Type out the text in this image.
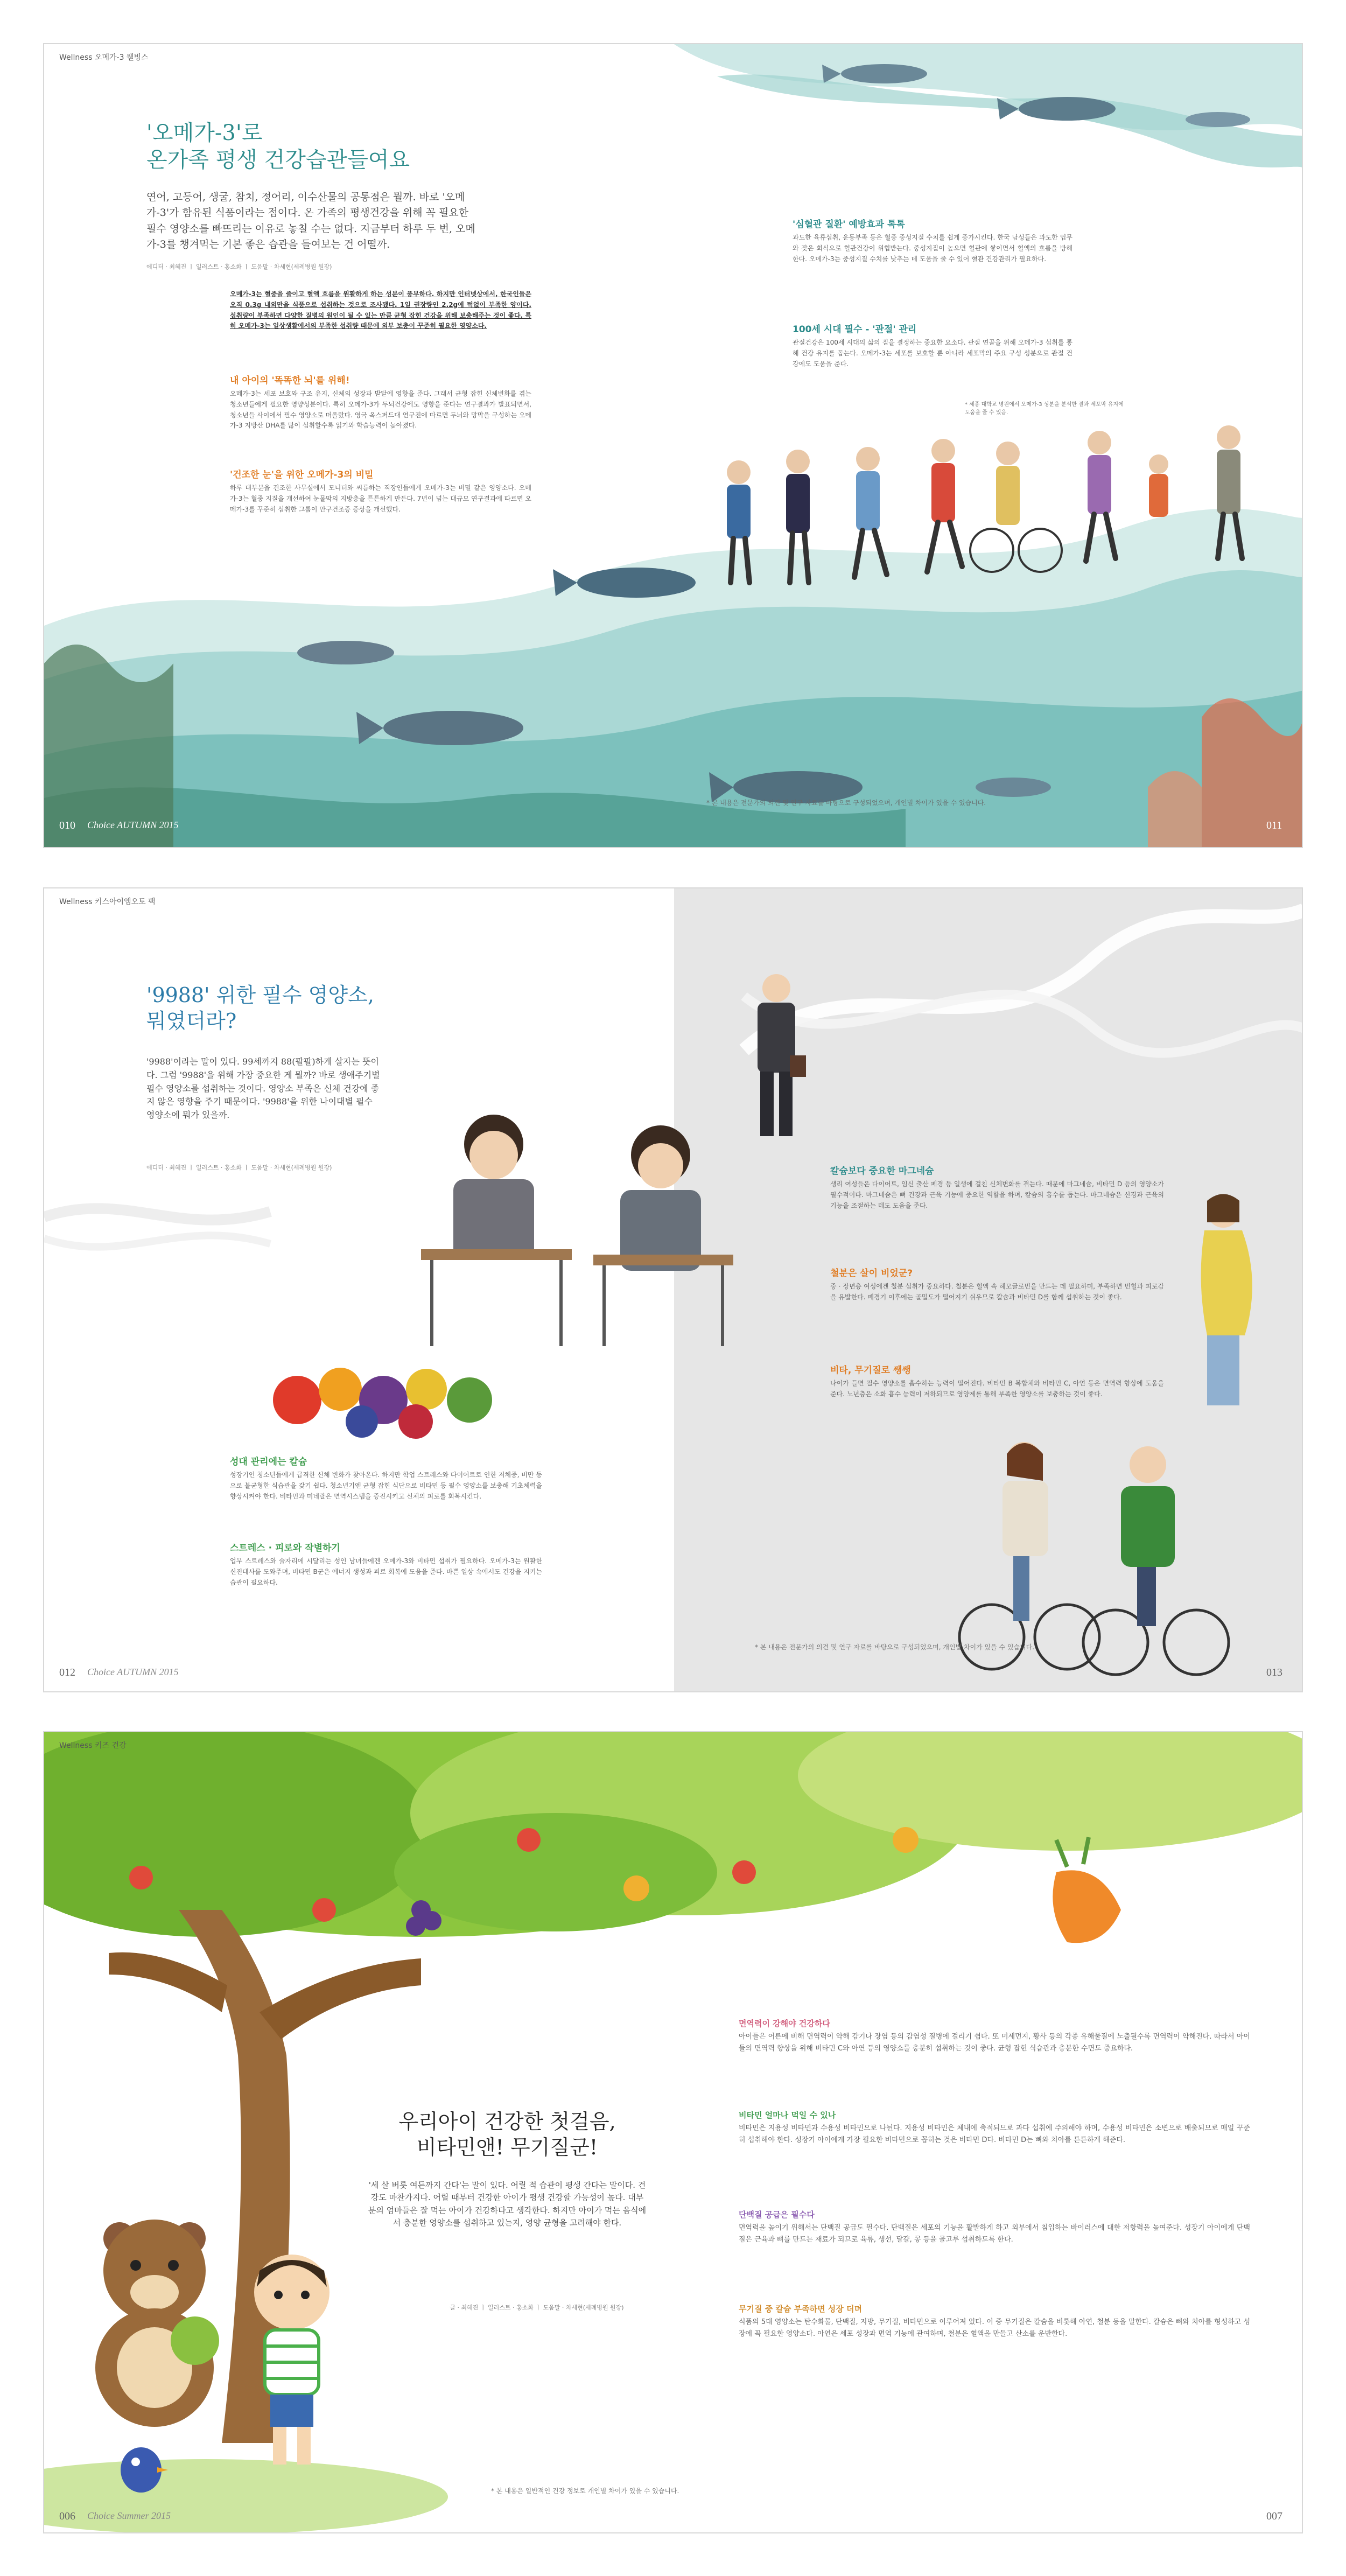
Wellness 오메가-3 웰빙스
'오메가-3'로
온가족 평생 건강습관들여요
연어, 고등어, 생굴, 참치, 정어리, 이수산물의 공통점은 뭘까. 바로 '오메가-3'가 함유된 식품이라는 점이다. 온 가족의 평생건강을 위해 꼭 필요한 필수 영양소를 빠뜨리는 이유로 놓칠 수는 없다. 지금부터 하루 두 번, 오메가-3를 챙겨먹는 기본 좋은 습관을 들여보는 건 어떨까.
에디터 · 최혜진 ㅣ 일러스트 · 홍소화 ㅣ 도움말 · 차세현(세례병원 원장)
오메가-3는 혈중을 줄이고 혈액 흐름을 원활하게 하는 성분이 풍부하다. 하지만 인터넷상에서, 한국인들은 오직 0.3g 내외만을 식품으로 섭취하는 것으로 조사됐다. 1일 권장량인 2.2g에 턱없이 부족한 양이다. 섭취량이 부족하면 다양한 질병의 원인이 될 수 있는 만큼 균형 잡힌 건강을 위해 보충해주는 것이 좋다. 특히 오메가-3는 일상생활에서의 부족한 섭취량 때문에 외부 보충이 꾸준히 필요한 영양소다.
내 아이의 '똑똑한 뇌'를 위해!
오메가-3는 세포 보호와 구조 유지, 신체의 성장과 발달에 영향을 준다. 그래서 균형 잡힌 신체변화를 겪는 청소년들에게 필요한 영양성분이다. 특히 오메가-3가 두뇌건강에도 영향을 준다는 연구결과가 발표되면서, 청소년들 사이에서 필수 영양소로 떠올랐다. 영국 옥스퍼드대 연구진에 따르면 두뇌와 망막을 구성하는 오메가-3 지방산 DHA를 많이 섭취할수록 읽기와 학습능력이 높아졌다.
'건조한 눈'을 위한 오메가-3의 비밀
하루 대부분을 건조한 사무실에서 모니터와 씨름하는 직장인들에게 오메가-3는 비밀 같은 영양소다. 오메가-3는 혈중 지질을 개선하여 눈물막의 지방층을 튼튼하게 만든다. 7년이 넘는 대규모 연구결과에 따르면 오메가-3를 꾸준히 섭취한 그룹이 안구건조증 증상을 개선했다.
'심혈관 질환' 예방효과 톡톡
과도한 육류섭취, 운동부족 등은 혈중 중성지질 수치를 쉽게 증가시킨다. 한국 남성들은 과도한 업무와 잦은 회식으로 혈관건강이 위협받는다. 중성지질이 높으면 혈관에 쌓이면서 혈액의 흐름을 방해한다. 오메가-3는 중성지질 수치를 낮추는 데 도움을 줄 수 있어 혈관 건강관리가 필요하다.
100세 시대 필수 - '관절' 관리
관절건강은 100세 시대의 삶의 질을 결정하는 중요한 요소다. 관절 연골을 위해 오메가-3 섭취를 통해 건강 유지를 돕는다. 오메가-3는 세포를 보호할 뿐 아니라 세포막의 주요 구성 성분으로 관절 건강에도 도움을 준다.
* 세종 대학교 병원에서 오메가-3 성분을 분석한 결과 세포막 유지에 도움을 줄 수 있음.
* 본 내용은 전문가의 의견 및 연구 자료를 바탕으로 구성되었으며, 개인별 차이가 있을 수 있습니다.
010 Choice AUTUMN 2015	011
Wellness 키스아이엠오토 팩
'9988' 위한 필수 영양소,
뭐였더라?
'9988'이라는 말이 있다. 99세까지 88(팔팔)하게 살자는 뜻이다. 그럼 '9988'을 위해 가장 중요한 게 뭘까? 바로 생애주기별 필수 영양소를 섭취하는 것이다. 영양소 부족은 신체 건강에 좋지 않은 영향을 주기 때문이다. '9988'을 위한 나이대별 필수 영양소에 뭐가 있을까.
에디터 · 최혜진 ㅣ 일러스트 · 홍소화 ㅣ 도움말 · 차세현(세례병원 원장)
성대 관리에는 칼슘
성장기인 청소년들에게 급격한 신체 변화가 찾아온다. 하지만 학업 스트레스와 다이어트로 인한 저체중, 비만 등으로 불균형한 식습관을 갖기 쉽다. 청소년기엔 균형 잡힌 식단으로 비타민 등 필수 영양소를 보충해 기초체력을 향상시켜야 한다. 비타민과 미네랄은 면역시스템을 증진시키고 신체의 피로를 회복시킨다.
스트레스 · 피로와 작별하기
업무 스트레스와 술자리에 시달리는 성인 남녀들에겐 오메가-3와 비타민 섭취가 필요하다. 오메가-3는 원활한 신진대사를 도와주며, 비타민 B군은 에너지 생성과 피로 회복에 도움을 준다. 바쁜 일상 속에서도 건강을 지키는 습관이 필요하다.
칼슘보다 중요한 마그네슘
생리 여성들은 다이어트, 임신 출산 폐경 등 일생에 걸친 신체변화를 겪는다. 때문에 마그네슘, 비타민 D 등의 영양소가 필수적이다. 마그네슘은 뼈 건강과 근육 기능에 중요한 역할을 하며, 칼슘의 흡수를 돕는다. 마그네슘은 신경과 근육의 기능을 조절하는 데도 도움을 준다.
철분은 살이 비었군?
중 · 장년층 여성에겐 철분 섭취가 중요하다. 철분은 혈액 속 헤모글로빈을 만드는 데 필요하며, 부족하면 빈혈과 피로감을 유발한다. 폐경기 이후에는 골밀도가 떨어지기 쉬우므로 칼슘과 비타민 D를 함께 섭취하는 것이 좋다.
비타, 무기질로 쌩쌩
나이가 들면 필수 영양소를 흡수하는 능력이 떨어진다. 비타민 B 복합체와 비타민 C, 아연 등은 면역력 향상에 도움을 준다. 노년층은 소화 흡수 능력이 저하되므로 영양제를 통해 부족한 영양소를 보충하는 것이 좋다.
* 본 내용은 전문가의 의견 및 연구 자료를 바탕으로 구성되었으며, 개인별 차이가 있을 수 있습니다.
012 Choice AUTUMN 2015	013
Wellness 키즈 건강
우리아이 건강한 첫걸음,
비타민앤! 무기질군!
'세 살 버릇 여든까지 간다'는 말이 있다. 어릴 적 습관이 평생 간다는 말이다. 건강도 마찬가지다. 어릴 때부터 건강한 아이가 평생 건강할 가능성이 높다. 대부분의 엄마들은 잘 먹는 아이가 건강하다고 생각한다. 하지만 아이가 먹는 음식에서 충분한 영양소를 섭취하고 있는지, 영양 균형을 고려해야 한다.
글 · 최혜진 ㅣ 일러스트 · 홍소화 ㅣ 도움말 · 차세현(세례병원 원장)
면역력이 강해야 건강하다
아이들은 어른에 비해 면역력이 약해 감기나 장염 등의 감염성 질병에 걸리기 쉽다. 또 미세먼지, 황사 등의 각종 유해물질에 노출될수록 면역력이 약해진다. 따라서 아이들의 면역력 향상을 위해 비타민 C와 아연 등의 영양소를 충분히 섭취하는 것이 좋다. 균형 잡힌 식습관과 충분한 수면도 중요하다.
비타민 얼마나 먹일 수 있나
비타민은 지용성 비타민과 수용성 비타민으로 나뉜다. 지용성 비타민은 체내에 축적되므로 과다 섭취에 주의해야 하며, 수용성 비타민은 소변으로 배출되므로 매일 꾸준히 섭취해야 한다. 성장기 아이에게 가장 필요한 비타민으로 꼽히는 것은 비타민 D다. 비타민 D는 뼈와 치아를 튼튼하게 해준다.
단백질 공급은 필수다
면역력을 높이기 위해서는 단백질 공급도 필수다. 단백질은 세포의 기능을 활발하게 하고 외부에서 침입하는 바이러스에 대한 저항력을 높여준다. 성장기 아이에게 단백질은 근육과 뼈를 만드는 재료가 되므로 육류, 생선, 달걀, 콩 등을 골고루 섭취하도록 한다.
무기질 중 칼슘 부족하면 성장 더뎌
식품의 5대 영양소는 탄수화물, 단백질, 지방, 무기질, 비타민으로 이루어져 있다. 이 중 무기질은 칼슘을 비롯해 아연, 철분 등을 말한다. 칼슘은 뼈와 치아를 형성하고 성장에 꼭 필요한 영양소다. 아연은 세포 성장과 면역 기능에 관여하며, 철분은 혈액을 만들고 산소를 운반한다.
* 본 내용은 일반적인 건강 정보로 개인별 차이가 있을 수 있습니다.
006 Choice Summer 2015	007
